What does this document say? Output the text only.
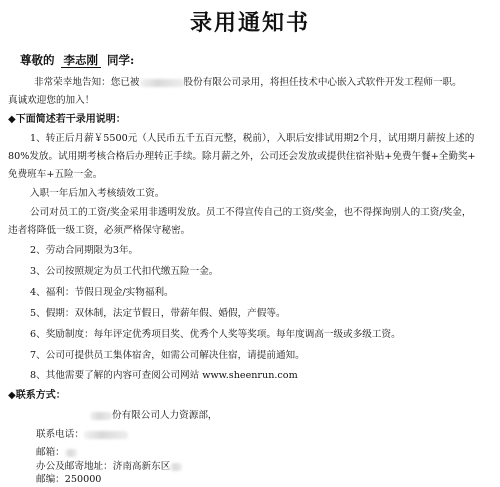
录用通知书
尊敬的 李志刚 同学:
非常荣幸地告知：您已被	股份有限公司录用，将担任技术中心嵌入式软件开发工程师一职。
真诚欢迎您的加入！
◆下面简述若干录用说明：
1、转正后月薪￥5500元（人民币五千五百元整，税前），入职后安排试用期2个月，试用期月薪按上述的
80%发放。试用期考核合格后办理转正手续。除月薪之外，公司还会发放或提供住宿补贴+免费午餐+全勤奖+
免费班车+五险一金。
入职一年后加入考核绩效工资。
公司对员工的工资/奖金采用非透明发放。员工不得宣传自己的工资/奖金，也不得探询别人的工资/奖金，
违者将降低一级工资，必须严格保守秘密。
2、劳动合同期限为3年。
3、公司按照规定为员工代扣代缴五险一金。
4、福利：节假日现金/实物福利。
5、假期：双休制，法定节假日，带薪年假、婚假，产假等。
6、奖励制度：每年评定优秀项目奖、优秀个人奖等奖项。每年度调高一级或多级工资。
7、公司可提供员工集体宿舍，如需公司解决住宿，请提前通知。
8、其他需要了解的内容可查阅公司网站 www.sheenrun.com
◆联系方式：
份有限公司人力资源部，
联系电话：
邮箱：
办公及邮寄地址：济南高新东区
邮编：250000
